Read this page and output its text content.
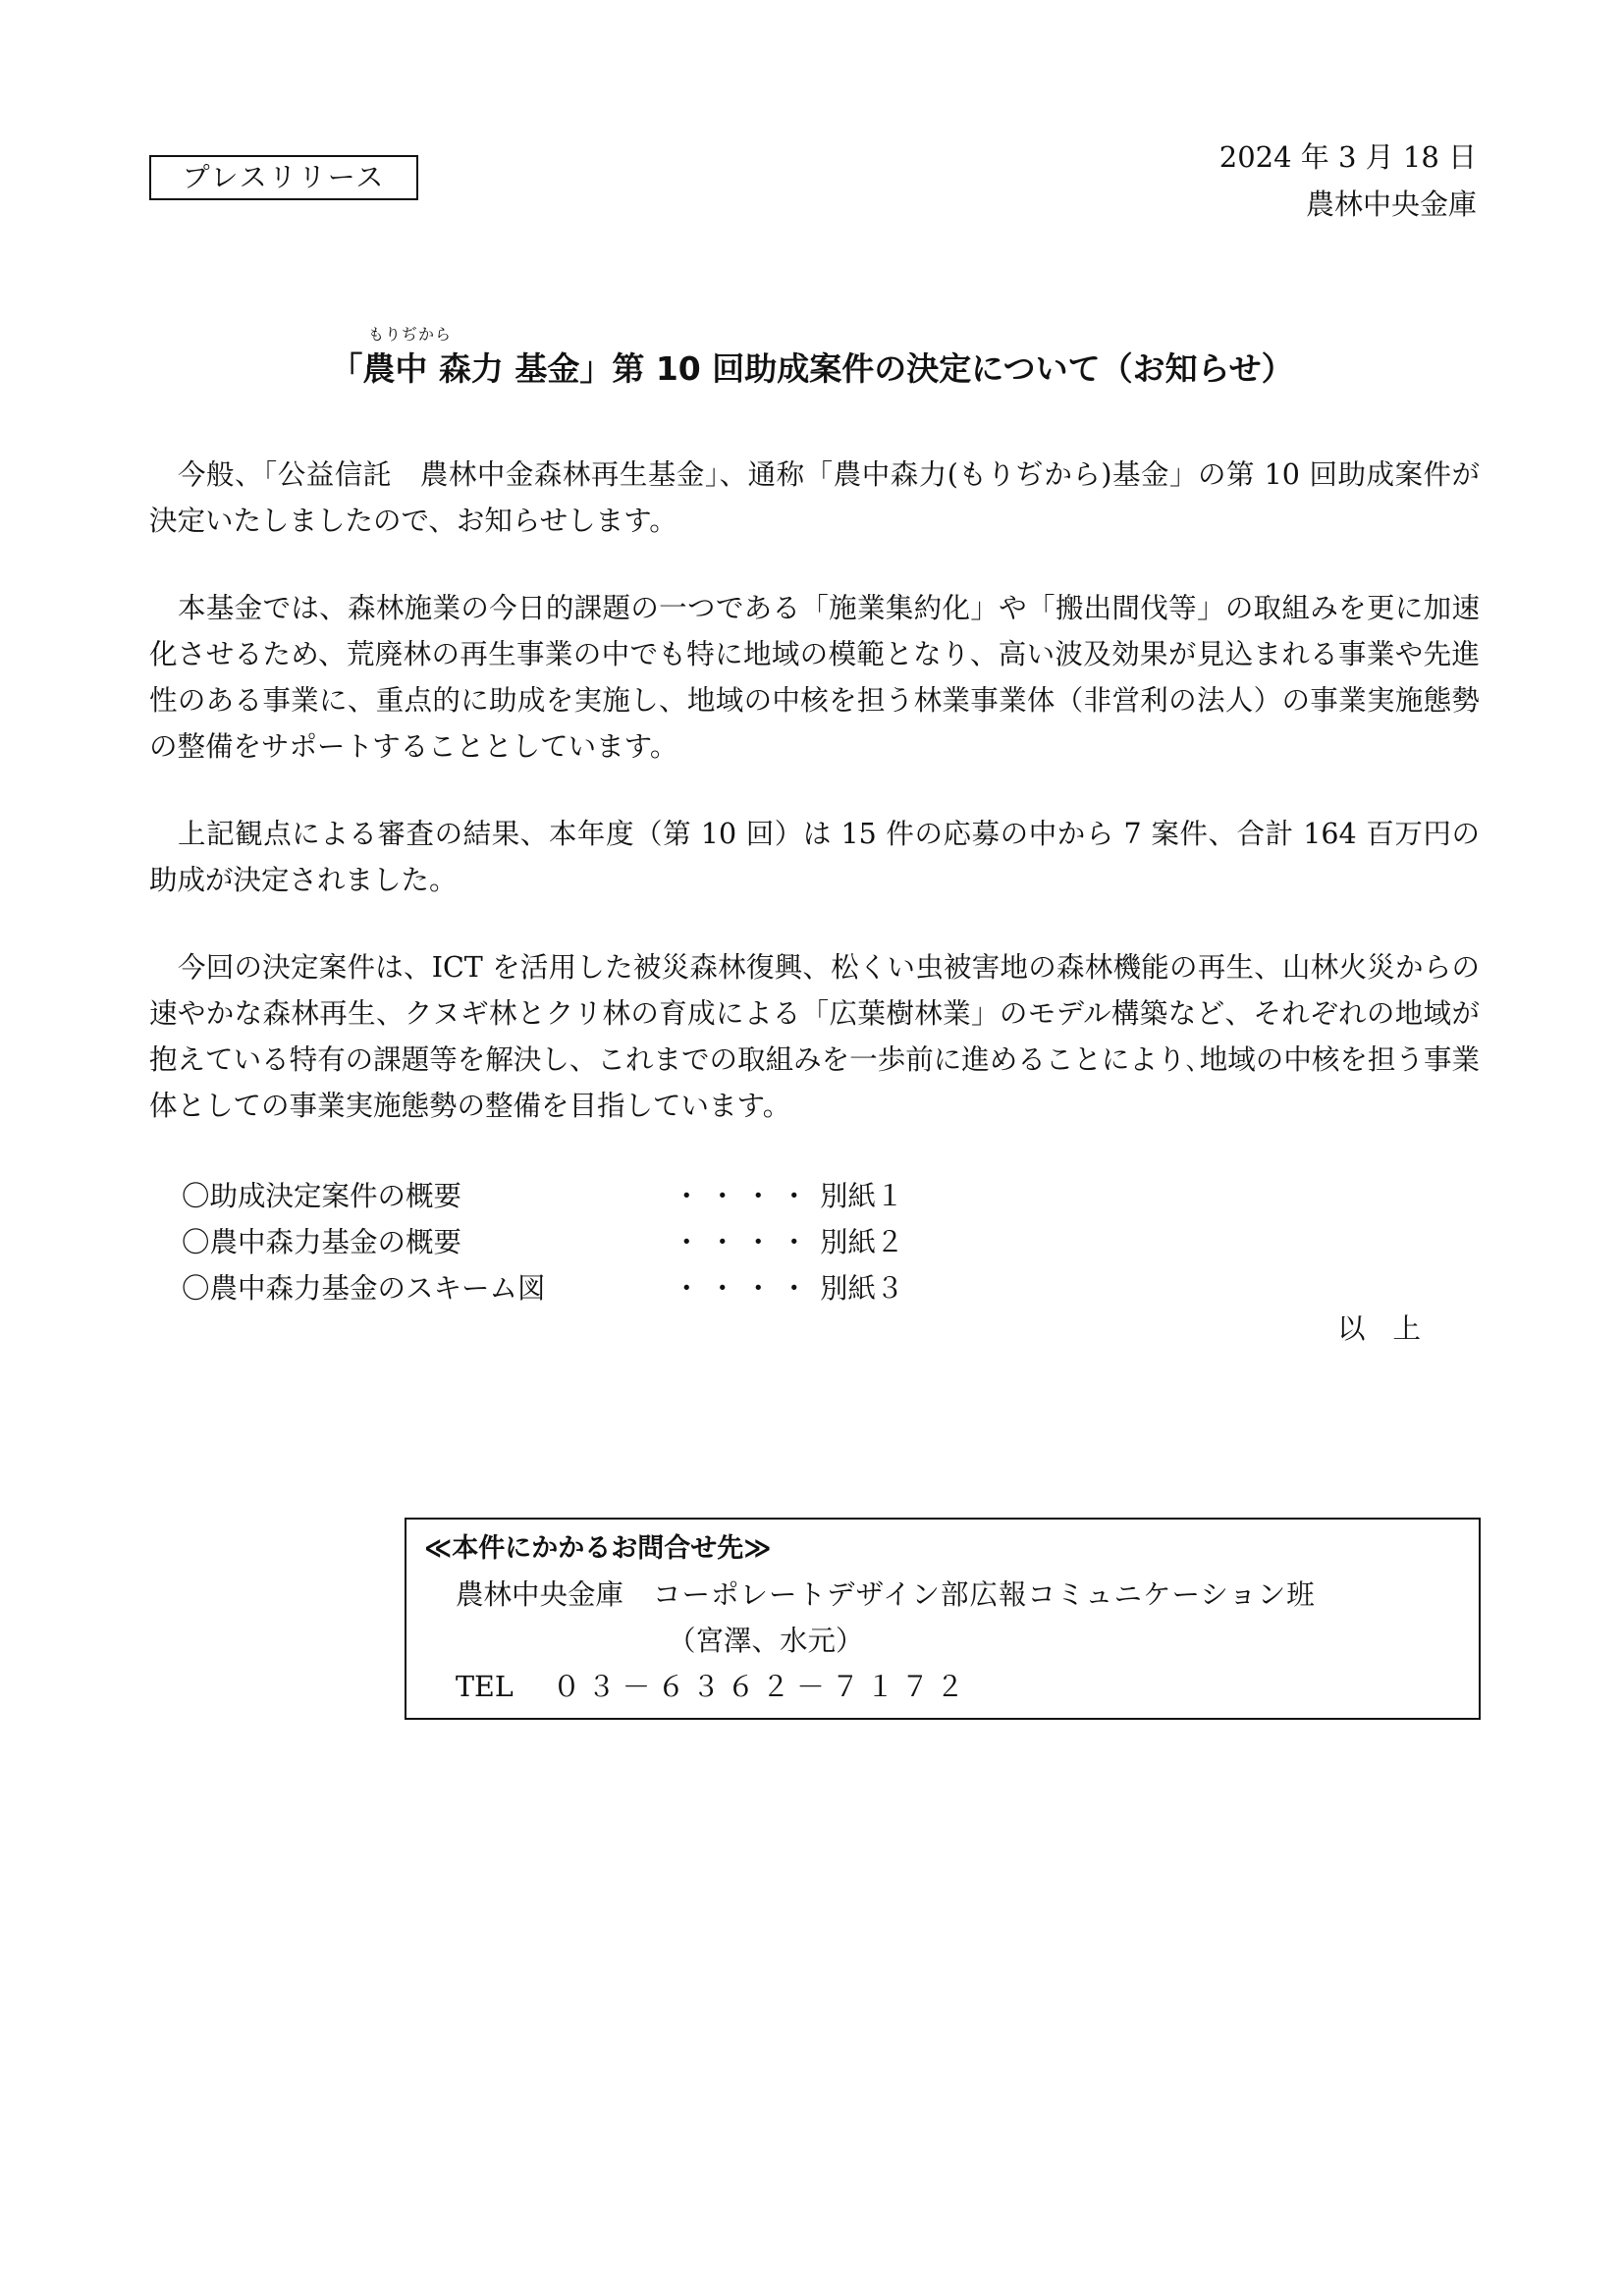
プレスリリース
2024 年 3 月 18 日
農林中央金庫
もりぢから
「農中 森力 基金」第 10 回助成案件の決定について（お知らせ）

今般、「公益信託　農林中金森林再生基金」、通称「農中森力(もりぢから)基金」の第 10 回助成案件が決定いたしましたので、お知らせします。

本基金では、森林施業の今日的課題の一つである「施業集約化」や「搬出間伐等」の取組みを更に加速化させるため、荒廃林の再生事業の中でも特に地域の模範となり、高い波及効果が見込まれる事業や先進性のある事業に、重点的に助成を実施し、地域の中核を担う林業事業体（非営利の法人）の事業実施態勢の整備をサポートすることとしています。

上記観点による審査の結果、本年度（第 10 回）は 15 件の応募の中から 7 案件、合計 164 百万円の助成が決定されました。

今回の決定案件は、ICT を活用した被災森林復興、松くい虫被害地の森林機能の再生、山林火災からの速やかな森林再生、クヌギ林とクリ林の育成による「広葉樹林業」のモデル構築など、それぞれの地域が抱えている特有の課題等を解決し、これまでの取組みを一歩前に進めることにより､地域の中核を担う事業体としての事業実施態勢の整備を目指しています。

〇助成決定案件の概要	・・・・ 別紙１
〇農中森力基金の概要	・・・・ 別紙２
〇農中森力基金のスキーム図	・・・・ 別紙３
以上
≪本件にかかるお問合せ先≫
農林中央金庫 コーポレートデザイン部広報コミュニケーション班
（宮澤、水元）
TEL ０３－６３６２－７１７２
